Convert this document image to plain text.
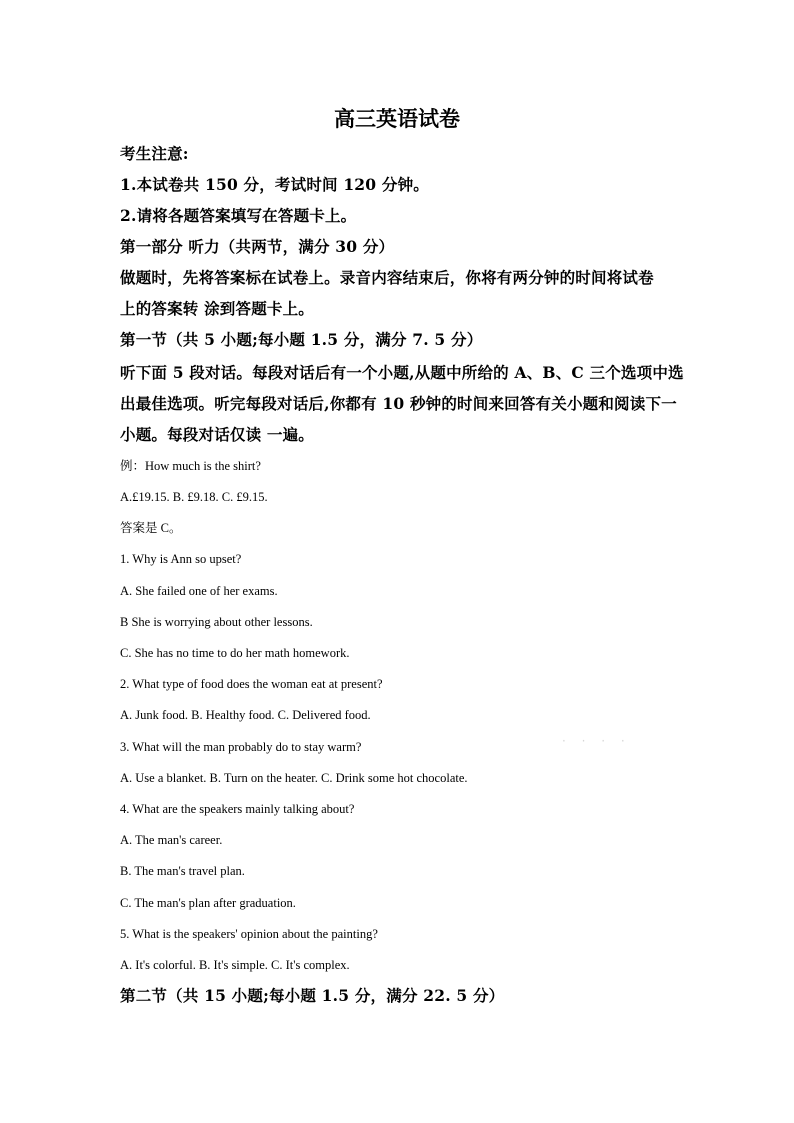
高三英语试卷
考生注意:
1.本试卷共 150 分，考试时间 120 分钟。
2.请将各题答案填写在答题卡上。
第一部分 听力（共两节，满分 30 分）
做题时，先将答案标在试卷上。录音内容结束后，你将有两分钟的时间将试卷
上的答案转 涂到答题卡上。
第一节（共 5 小题;每小题 1.5 分，满分 7. 5 分）
听下面 5 段对话。每段对话后有一个小题,从题中所给的 A、B、C 三个选项中选
出最佳选项。听完每段对话后,你都有 10 秒钟的时间来回答有关小题和阅读下一
小题。每段对话仅读 一遍。
例：How much is the shirt?
A.£19.15. B. £9.18. C. £9.15.
答案是 C。
1. Why is Ann so upset?
A. She failed one of her exams.
B She is worrying about other lessons.
C. She has no time to do her math homework.
2. What type of food does the woman eat at present?
A. Junk food. B. Healthy food. C. Delivered food.
3. What will the man probably do to stay warm?
A. Use a blanket. B. Turn on the heater. C. Drink some hot chocolate.
4. What are the speakers mainly talking about?
A. The man's career.
B. The man's travel plan.
C. The man's plan after graduation.
5. What is the speakers' opinion about the painting?
A. It's colorful. B. It's simple. C. It's complex.
第二节（共 15 小题;每小题 1.5 分，满分 22. 5 分）
· · · ·
